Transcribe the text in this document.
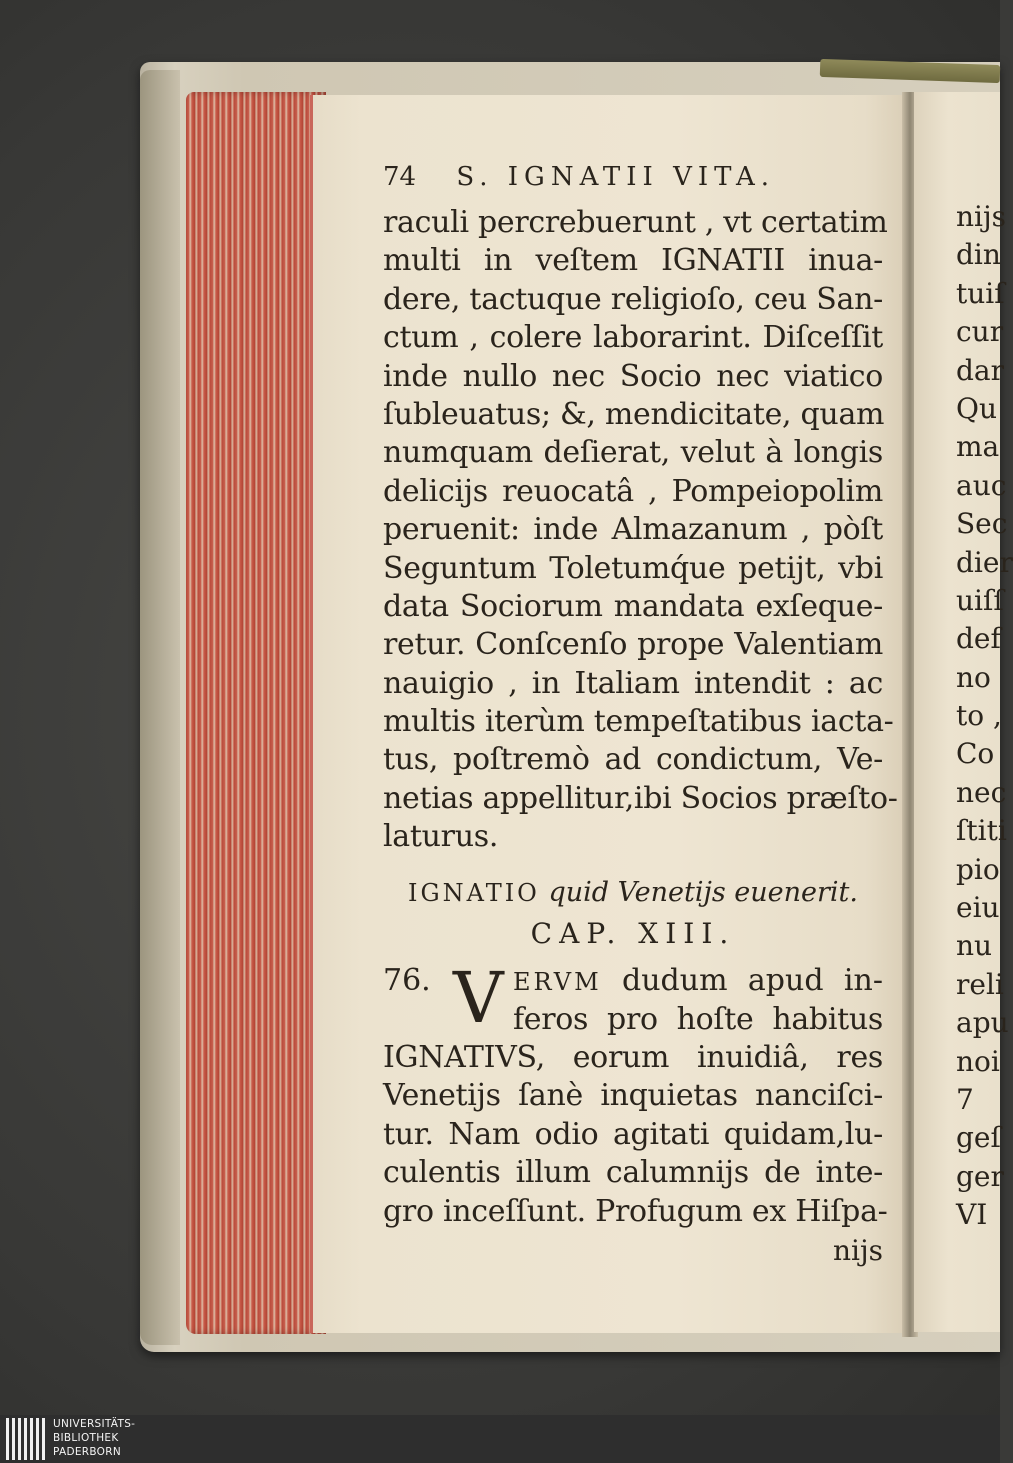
74 S. IGNATII VITA.
raculi percrebuerunt , vt certatim
multi in veſtem IGNATII inua-
dere, tactuque religioſo, ceu San-
ctum , colere laborarint. Diſceſſit
inde nullo nec Socio nec viatico
ſubleuatus; &, mendicitate, quam
numquam deſierat, velut à longis
delicijs reuocatâ , Pompeiopolim
peruenit: inde Almazanum , pòſt
Seguntum Toletumq́ue petijt, vbi
data Sociorum mandata exſeque-
retur. Conſcenſo prope Valentiam
nauigio , in Italiam intendit : ac
multis iterùm tempeſtatibus iacta-
tus, poſtremò ad condictum, Ve-
netias appellitur,ibi Socios præſto-
laturus.
IGNATIO quid Venetijs euenerit.
CAP. XIII.
76. V ERVM dudum apud in-
feros pro hoſte habitus
IGNATIVS, eorum inuidiâ, res
Venetijs ſanè inquietas nanciſci-
tur. Nam odio agitati quidam,lu-
culentis illum calumnijs de inte-
gro inceſſunt. Profugum ex Hiſpa-
nijs
nijs
din
tuiſ
cur
dar
Qu
ma
auc
Sec
dier
uiſſ
def
no
to ,
Co
nec
ſtiti
pio
eiu
nu
reli
apu
noi
7
geſ
ger
VI
UNIVERSITÄTS-
BIBLIOTHEK
PADERBORN
